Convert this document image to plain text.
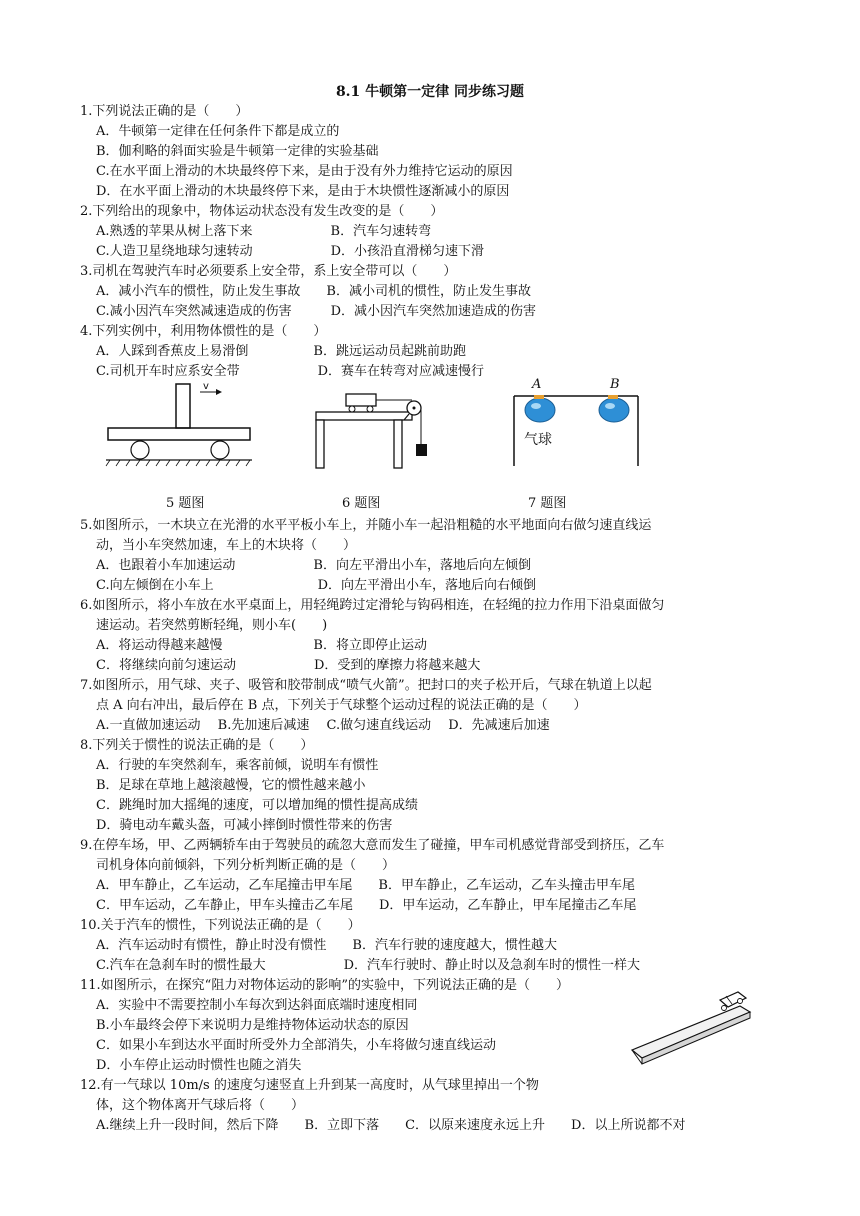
8.1 牛顿第一定律 同步练习题
1.下列说法正确的是（　　）
A．牛顿第一定律在任何条件下都是成立的
B．伽利略的斜面实验是牛顿第一定律的实验基础
C.在水平面上滑动的木块最终停下来，是由于没有外力维持它运动的原因
D．在水平面上滑动的木块最终停下来，是由于木块惯性逐渐减小的原因
2.下列给出的现象中，物体运动状态没有发生改变的是（　　）
A.熟透的苹果从树上落下来　　　　　　B．汽车匀速转弯
C.人造卫星绕地球匀速转动　　　　　　D．小孩沿直滑梯匀速下滑
3.司机在驾驶汽车时必须要系上安全带，系上安全带可以（　　）
A．减小汽车的惯性，防止发生事故　　B．减小司机的惯性，防止发生事故
C.减小因汽车突然减速造成的伤害　　　D．减小因汽车突然加速造成的伤害
4.下列实例中，利用物体惯性的是（　　）
A．人踩到香蕉皮上易滑倒　　　　　B．跳远运动员起跳前助跑
C.司机开车时应系安全带　　　　　　D．赛车在转弯对应减速慢行
5.如图所示，一木块立在光滑的水平平板小车上，并随小车一起沿粗糙的水平地面向右做匀速直线运
动，当小车突然加速，车上的木块将（　　）
A．也跟着小车加速运动　　　　　　B．向左平滑出小车，落地后向左倾倒
C.向左倾倒在小车上　　　　　　　　D．向左平滑出小车，落地后向右倾倒
6.如图所示，将小车放在水平桌面上，用轻绳跨过定滑轮与钩码相连，在轻绳的拉力作用下沿桌面做匀
速运动。若突然剪断轻绳，则小车(　　)
A．将运动得越来越慢　　　　　　　B．将立即停止运动
C．将继续向前匀速运动　　　　　　D．受到的摩擦力将越来越大
7.如图所示，用气球、夹子、吸管和胶带制成“喷气火箭”。把封口的夹子松开后，气球在轨道上以起
点 A 向右冲出，最后停在 B 点，下列关于气球整个运动过程的说法正确的是（　　）
A.一直做加速运动　 B.先加速后减速　 C.做匀速直线运动　 D．先减速后加速
8.下列关于惯性的说法正确的是（　　）
A．行驶的车突然刹车，乘客前倾，说明车有惯性
B．足球在草地上越滚越慢，它的惯性越来越小
C．跳绳时加大摇绳的速度，可以增加绳的惯性提高成绩
D．骑电动车戴头盔，可减小摔倒时惯性带来的伤害
9.在停车场，甲、乙两辆轿车由于驾驶员的疏忽大意而发生了碰撞，甲车司机感觉背部受到挤压，乙车
司机身体向前倾斜，下列分析判断正确的是（　　）
A．甲车静止，乙车运动，乙车尾撞击甲车尾　　B．甲车静止，乙车运动，乙车头撞击甲车尾
C．甲车运动，乙车静止，甲车头撞击乙车尾　　D．甲车运动，乙车静止，甲车尾撞击乙车尾
10.关于汽车的惯性，下列说法正确的是（　　）
A．汽车运动时有惯性，静止时没有惯性　　B．汽车行驶的速度越大，惯性越大
C.汽车在急刹车时的惯性最大　　　　　　D．汽车行驶时、静止时以及急刹车时的惯性一样大
11.如图所示，在探究“阻力对物体运动的影响”的实验中，下列说法正确的是（　　）
A．实验中不需要控制小车每次到达斜面底端时速度相同
B.小车最终会停下来说明力是维持物体运动状态的原因
C．如果小车到达水平面时所受外力全部消失，小车将做匀速直线运动
D．小车停止运动时惯性也随之消失
12.有一气球以 10m/s 的速度匀速竖直上升到某一高度时，从气球里掉出一个物
体，这个物体离开气球后将（　　）
A.继续上升一段时间，然后下降　　B．立即下落　　C．以原来速度永远上升　　D．以上所说都不对
v	A	B
气球
5 题图	6 题图	7 题图
